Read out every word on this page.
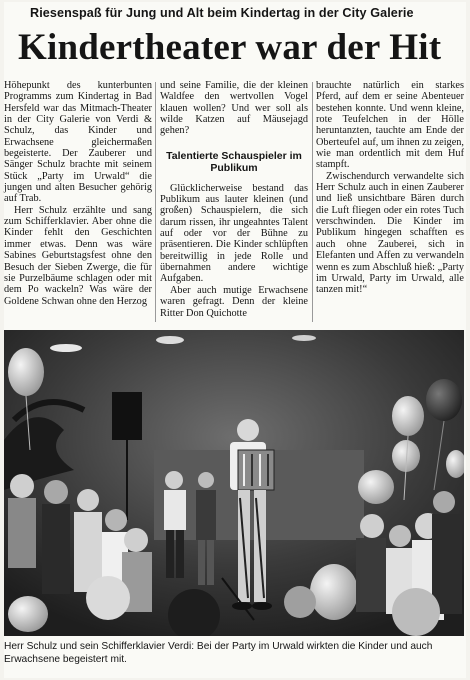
Riesenspaß für Jung und Alt beim Kindertag in der City Galerie
Kindertheater war der Hit

Höhepunkt des kunterbunten Programms zum Kindertag in Bad Hersfeld war das Mitmach-Theater in der City Galerie von Verdi & Schulz, das Kinder und Erwachsene gleichermaßen begeisterte. Der Zauberer und Sänger Schulz brachte mit seinem Stück „Party im Urwald“ die jungen und alten Besucher gehörig auf Trab.

Herr Schulz erzählte und sang zum Schifferklavier. Aber ohne die Kinder fehlt den Geschichten immer etwas. Denn was wäre Sabines Geburtstagsfest ohne den Besuch der Sieben Zwerge, die für sie Purzelbäume schlagen oder mit dem Po wackeln? Was wäre der Goldene Schwan ohne den Herzog

und seine Familie, die der kleinen Waldfee den wertvollen Vogel klauen wollen? Und wer soll als wilde Katzen auf Mäusejagd gehen?

Talentierte Schauspieler im Publikum

Glücklicherweise bestand das Publikum aus lauter kleinen (und großen) Schauspielern, die sich darum rissen, ihr ungeahntes Talent auf oder vor der Bühne zu präsentieren. Die Kinder schlüpften bereitwillig in jede Rolle und übernahmen andere wichtige Aufgaben.

Aber auch mutige Erwachsene waren gefragt. Denn der kleine Ritter Don Quichotte

brauchte natürlich ein starkes Pferd, auf dem er seine Abenteuer bestehen konnte. Und wenn kleine, rote Teufelchen in der Hölle heruntanzten, tauchte am Ende der Oberteufel auf, um ihnen zu zeigen, wie man ordentlich mit dem Huf stampft.

Zwischendurch verwandelte sich Herr Schulz auch in einen Zauberer und ließ unsichtbare Bären durch die Luft fliegen oder ein rotes Tuch verschwinden. Die Kinder im Publikum hingegen schafften es auch ohne Zauberei, sich in Elefanten und Affen zu verwandeln wenn es zum Abschluß hieß: „Party im Urwald, Party im Urwald, alle tanzen mit!“

Herr Schulz und sein Schifferklavier Verdi: Bei der Party im Urwald wirkten die Kinder und auch Erwachsene begeistert mit.
